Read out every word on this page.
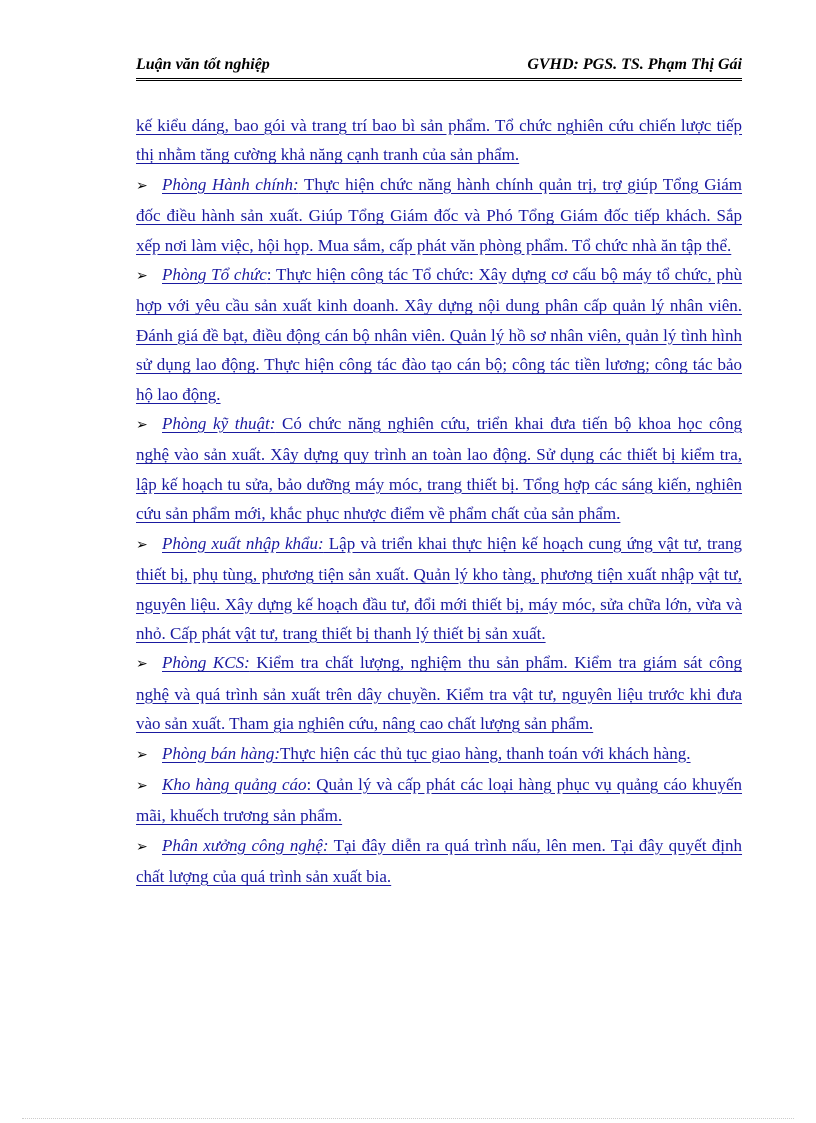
Luận văn tốt nghiệp	GVHD: PGS. TS. Phạm Thị Gái

kế kiểu dáng, bao gói và trang trí bao bì sản phẩm. Tổ chức nghiên cứu chiến lược tiếp thị nhằm tăng cường khả năng cạnh tranh của sản phẩm.

➢ Phòng Hành chính: Thực hiện chức năng hành chính quản trị, trợ giúp Tổng Giám đốc điều hành sản xuất. Giúp Tổng Giám đốc và Phó Tổng Giám đốc tiếp khách. Sắp xếp nơi làm việc, hội họp. Mua sắm, cấp phát văn phòng phẩm. Tổ chức nhà ăn tập thể.

➢ Phòng Tổ chức: Thực hiện công tác Tổ chức: Xây dựng cơ cấu bộ máy tổ chức, phù hợp với yêu cầu sản xuất kinh doanh. Xây dựng nội dung phân cấp quản lý nhân viên. Đánh giá đề bạt, điều động cán bộ nhân viên. Quản lý hồ sơ nhân viên, quản lý tình hình sử dụng lao động. Thực hiện công tác đào tạo cán bộ; công tác tiền lương; công tác bảo hộ lao động.

➢ Phòng kỹ thuật: Có chức năng nghiên cứu, triển khai đưa tiến bộ khoa học công nghệ vào sản xuất. Xây dựng quy trình an toàn lao động. Sử dụng các thiết bị kiểm tra, lập kế hoạch tu sửa, bảo dưỡng máy móc, trang thiết bị. Tổng hợp các sáng kiến, nghiên cứu sản phẩm mới, khắc phục nhược điểm về phẩm chất của sản phẩm.

➢ Phòng xuất nhập khẩu: Lập và triển khai thực hiện kế hoạch cung ứng vật tư, trang thiết bị, phụ tùng, phương tiện sản xuất. Quản lý kho tàng, phương tiện xuất nhập vật tư, nguyên liệu. Xây dựng kế hoạch đầu tư, đổi mới thiết bị, máy móc, sửa chữa lớn, vừa và nhỏ. Cấp phát vật tư, trang thiết bị thanh lý thiết bị sản xuất.

➢ Phòng KCS: Kiểm tra chất lượng, nghiệm thu sản phẩm. Kiểm tra giám sát công nghệ và quá trình sản xuất trên dây chuyền. Kiểm tra vật tư, nguyên liệu trước khi đưa vào sản xuất. Tham gia nghiên cứu, nâng cao chất lượng sản phẩm.

➢ Phòng bán hàng:Thực hiện các thủ tục giao hàng, thanh toán với khách hàng.

➢ Kho hàng quảng cáo: Quản lý và cấp phát các loại hàng phục vụ quảng cáo khuyến mãi, khuếch trương sản phẩm.

➢ Phân xưởng công nghệ: Tại đây diễn ra quá trình nấu, lên men. Tại đây quyết định chất lượng của quá trình sản xuất bia.
